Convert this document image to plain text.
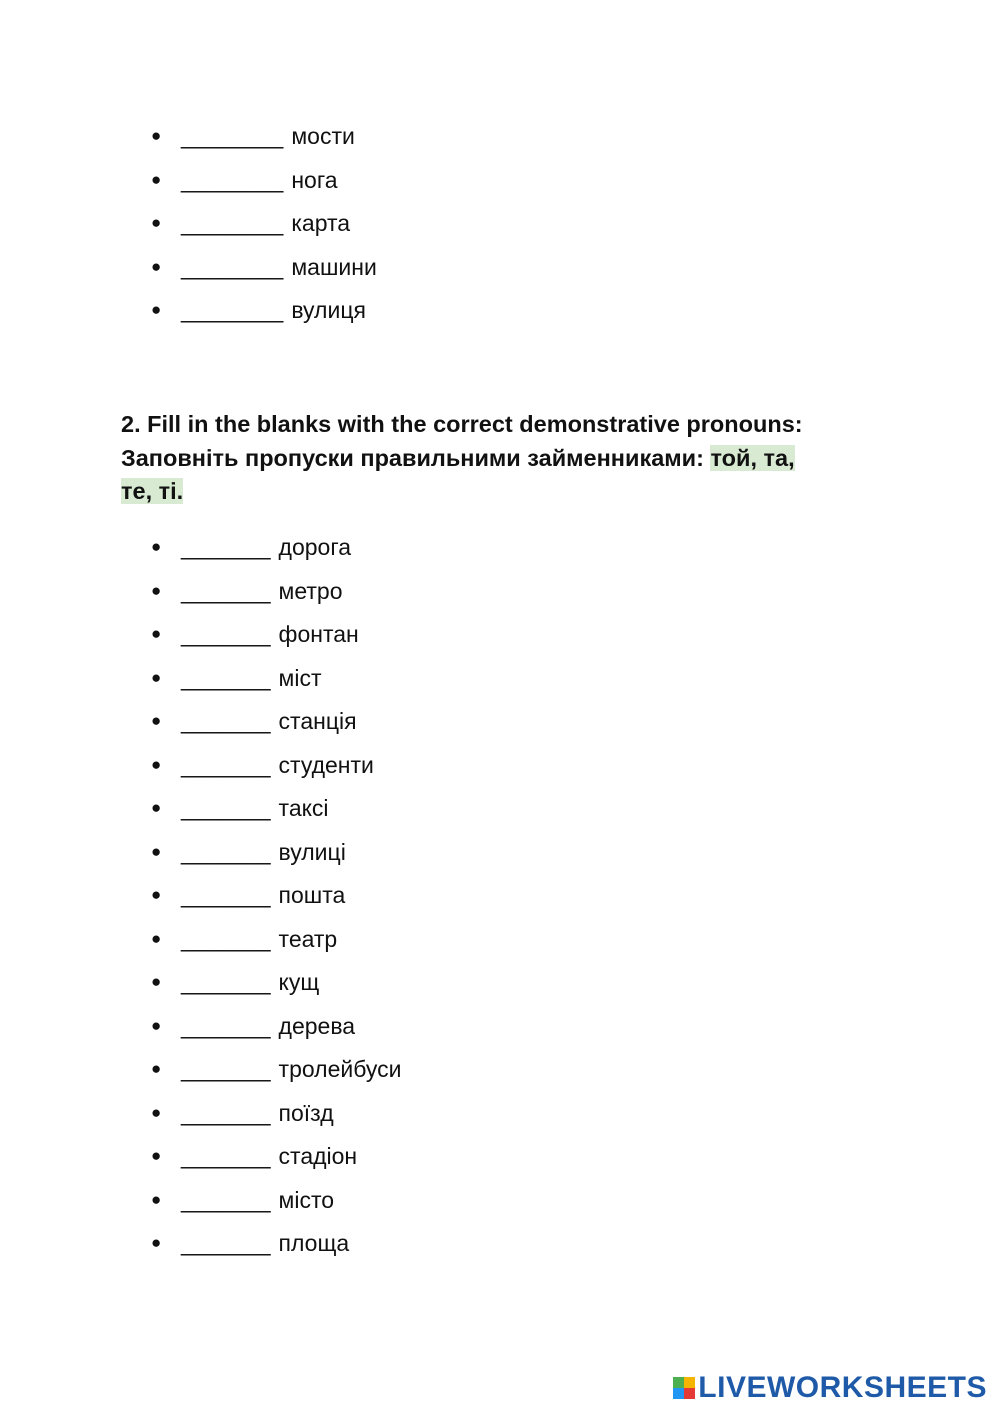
● ________ мости
● ________ нога
● ________ карта
● ________ машини
● ________ вулиця

2. Fill in the blanks with the correct demonstrative pronouns:
Заповніть пропуски правильними займенниками: той, та,
те, ті.

● _______ дорога
● _______ метро
● _______ фонтан
● _______ міст
● _______ станція
● _______ студенти
● _______ таксі
● _______ вулиці
● _______ пошта
● _______ театр
● _______ кущ
● _______ дерева
● _______ тролейбуси
● _______ поїзд
● _______ стадіон
● _______ місто
● _______ площа
LIVEWORKSHEETS
